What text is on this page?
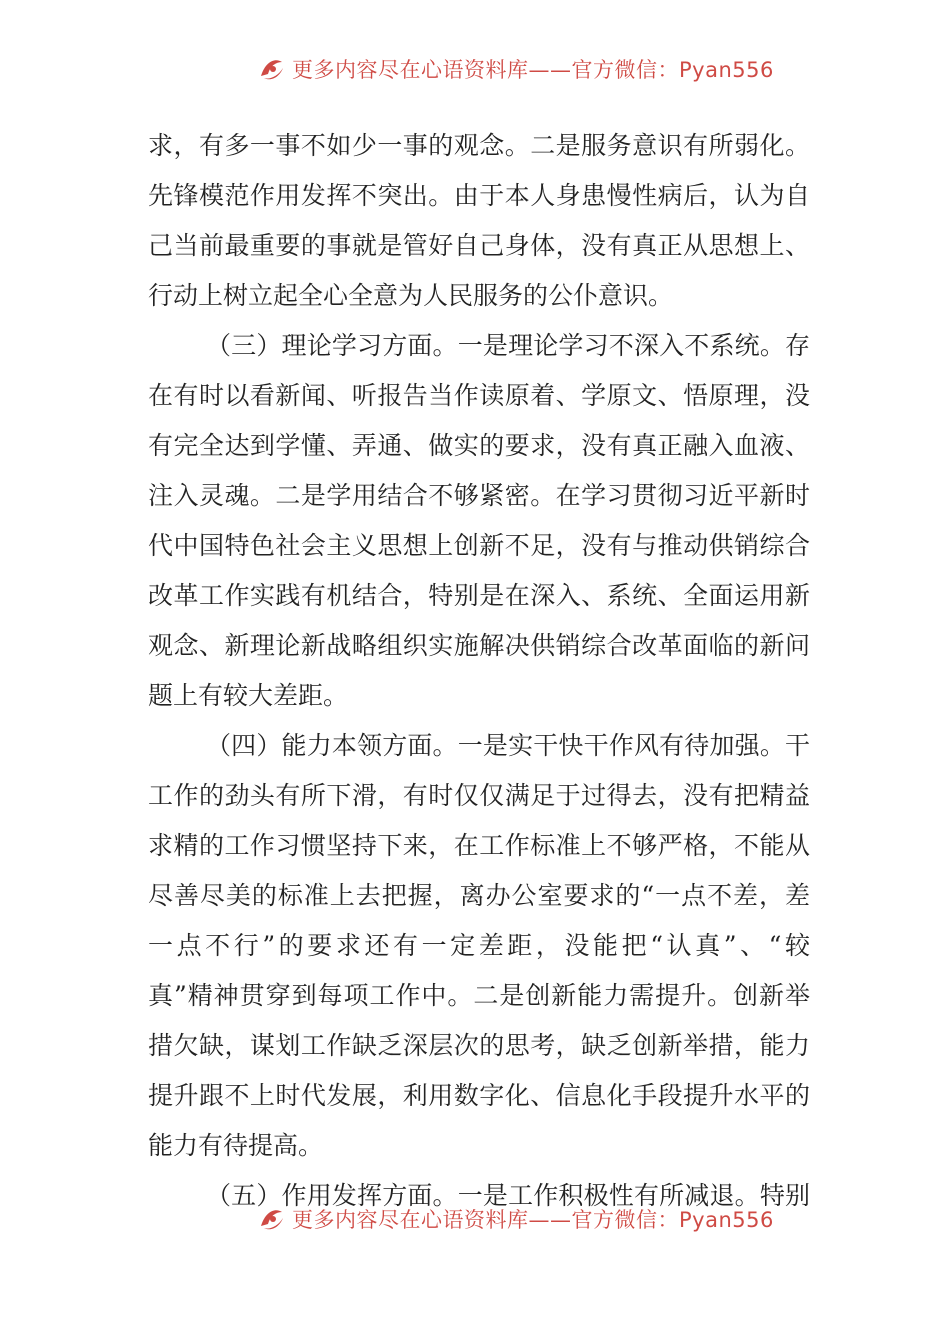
更多内容尽在心语资料库——官方微信：Pyan556
求，有多一事不如少一事的观念。二是服务意识有所弱化。
先锋模范作用发挥不突出。由于本人身患慢性病后，认为自
己当前最重要的事就是管好自己身体，没有真正从思想上、
行动上树立起全心全意为人民服务的公仆意识。
（三）理论学习方面。一是理论学习不深入不系统。存
在有时以看新闻、听报告当作读原着、学原文、悟原理，没
有完全达到学懂、弄通、做实的要求，没有真正融入血液、
注入灵魂。二是学用结合不够紧密。在学习贯彻习近平新时
代中国特色社会主义思想上创新不足，没有与推动供销综合
改革工作实践有机结合，特别是在深入、系统、全面运用新
观念、新理论新战略组织实施解决供销综合改革面临的新问
题上有较大差距。
（四）能力本领方面。一是实干快干作风有待加强。干
工作的劲头有所下滑，有时仅仅满足于过得去，没有把精益
求精的工作习惯坚持下来，在工作标准上不够严格，不能从
尽善尽美的标准上去把握，离办公室要求的“一点不差，差
一点不行”的要求还有一定差距，没能把“认真”、“较
真”精神贯穿到每项工作中。二是创新能力需提升。创新举
措欠缺，谋划工作缺乏深层次的思考，缺乏创新举措，能力
提升跟不上时代发展，利用数字化、信息化手段提升水平的
能力有待提高。
（五）作用发挥方面。一是工作积极性有所减退。特别
更多内容尽在心语资料库——官方微信：Pyan556
